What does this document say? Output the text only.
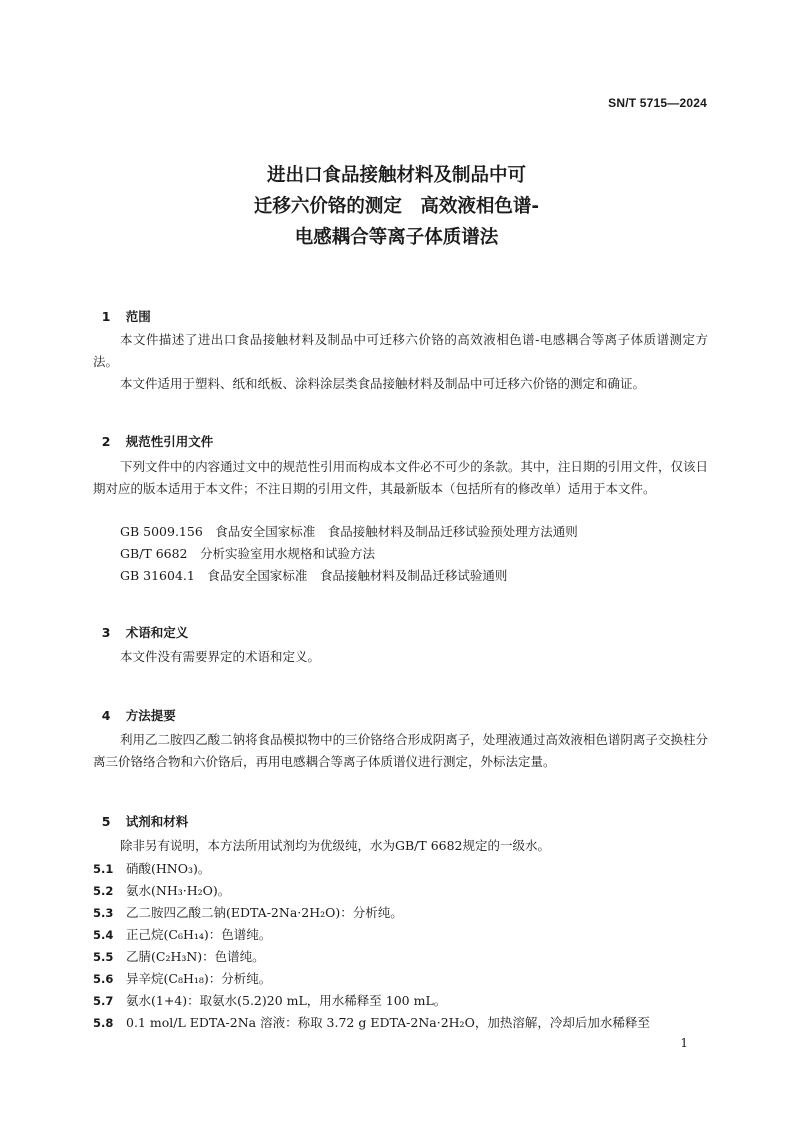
SN/T 5715—2024
进出口食品接触材料及制品中可
迁移六价铬的测定　高效液相色谱-
电感耦合等离子体质谱法

1 范围

本文件描述了进出口食品接触材料及制品中可迁移六价铬的高效液相色谱-电感耦合等离子体质谱测定方法。
本文件适用于塑料、纸和纸板、涂料涂层类食品接触材料及制品中可迁移六价铬的测定和确证。

2 规范性引用文件

下列文件中的内容通过文中的规范性引用而构成本文件必不可少的条款。其中，注日期的引用文件，仅该日期对应的版本适用于本文件；不注日期的引用文件，其最新版本（包括所有的修改单）适用于本文件。
GB 5009.156　食品安全国家标准　食品接触材料及制品迁移试验预处理方法通则
GB/T 6682　分析实验室用水规格和试验方法
GB 31604.1　食品安全国家标准　食品接触材料及制品迁移试验通则

3 术语和定义

本文件没有需要界定的术语和定义。

4 方法提要

利用乙二胺四乙酸二钠将食品模拟物中的三价铬络合形成阴离子，处理液通过高效液相色谱阴离子交换柱分离三价铬络合物和六价铬后，再用电感耦合等离子体质谱仪进行测定，外标法定量。

5 试剂和材料

除非另有说明，本方法所用试剂均为优级纯，水为GB/T 6682规定的一级水。
5.1 硝酸(HNO₃)。
5.2 氨水(NH₃·H₂O)。
5.3 乙二胺四乙酸二钠(EDTA-2Na·2H₂O)：分析纯。
5.4 正己烷(C₆H₁₄)：色谱纯。
5.5 乙腈(C₂H₃N)：色谱纯。
5.6 异辛烷(C₈H₁₈)：分析纯。
5.7 氨水(1+4)：取氨水(5.2)20 mL，用水稀释至 100 mL。
5.8 0.1 mol/L EDTA-2Na 溶液：称取 3.72 g EDTA-2Na·2H₂O，加热溶解，冷却后加水稀释至
1
